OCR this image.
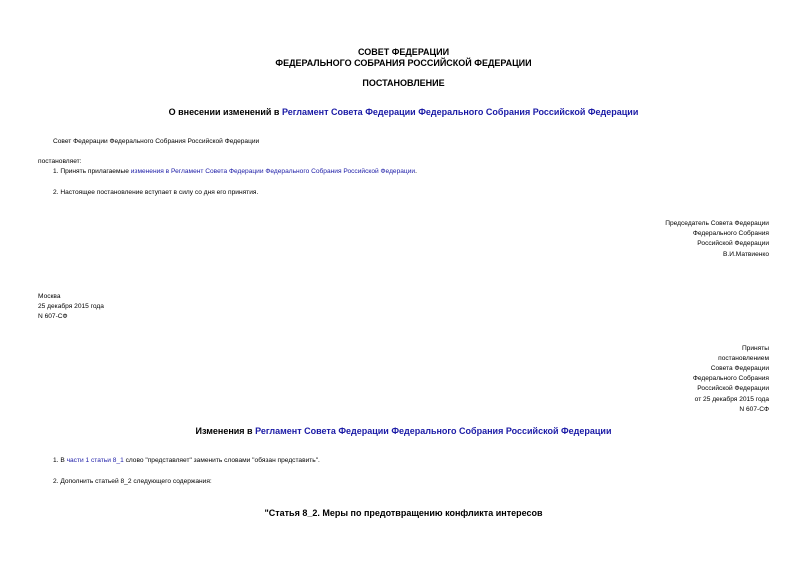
СОВЕТ ФЕДЕРАЦИИ
ФЕДЕРАЛЬНОГО СОБРАНИЯ РОССИЙСКОЙ ФЕДЕРАЦИИ
ПОСТАНОВЛЕНИЕ
О внесении изменений в Регламент Совета Федерации Федерального Собрания Российской Федерации
Совет Федерации Федерального Собрания Российской Федерации
постановляет:
1. Принять прилагаемые изменения в Регламент Совета Федерации Федерального Собрания Российской Федерации.
2. Настоящее постановление вступает в силу со дня его принятия.
Председатель Совета Федерации
Федерального Собрания
Российской Федерации
В.И.Матвиенко
Москва
25 декабря 2015 года
N 607-СФ
Приняты
постановлением
Совета Федерации
Федерального Собрания
Российской Федерации
от 25 декабря 2015 года
N 607-СФ
Изменения в Регламент Совета Федерации Федерального Собрания Российской Федерации
1. В части 1 статьи 8_1 слово "представляет" заменить словами "обязан представить".
2. Дополнить статьей 8_2 следующего содержания:
"Статья 8_2. Меры по предотвращению конфликта интересов
